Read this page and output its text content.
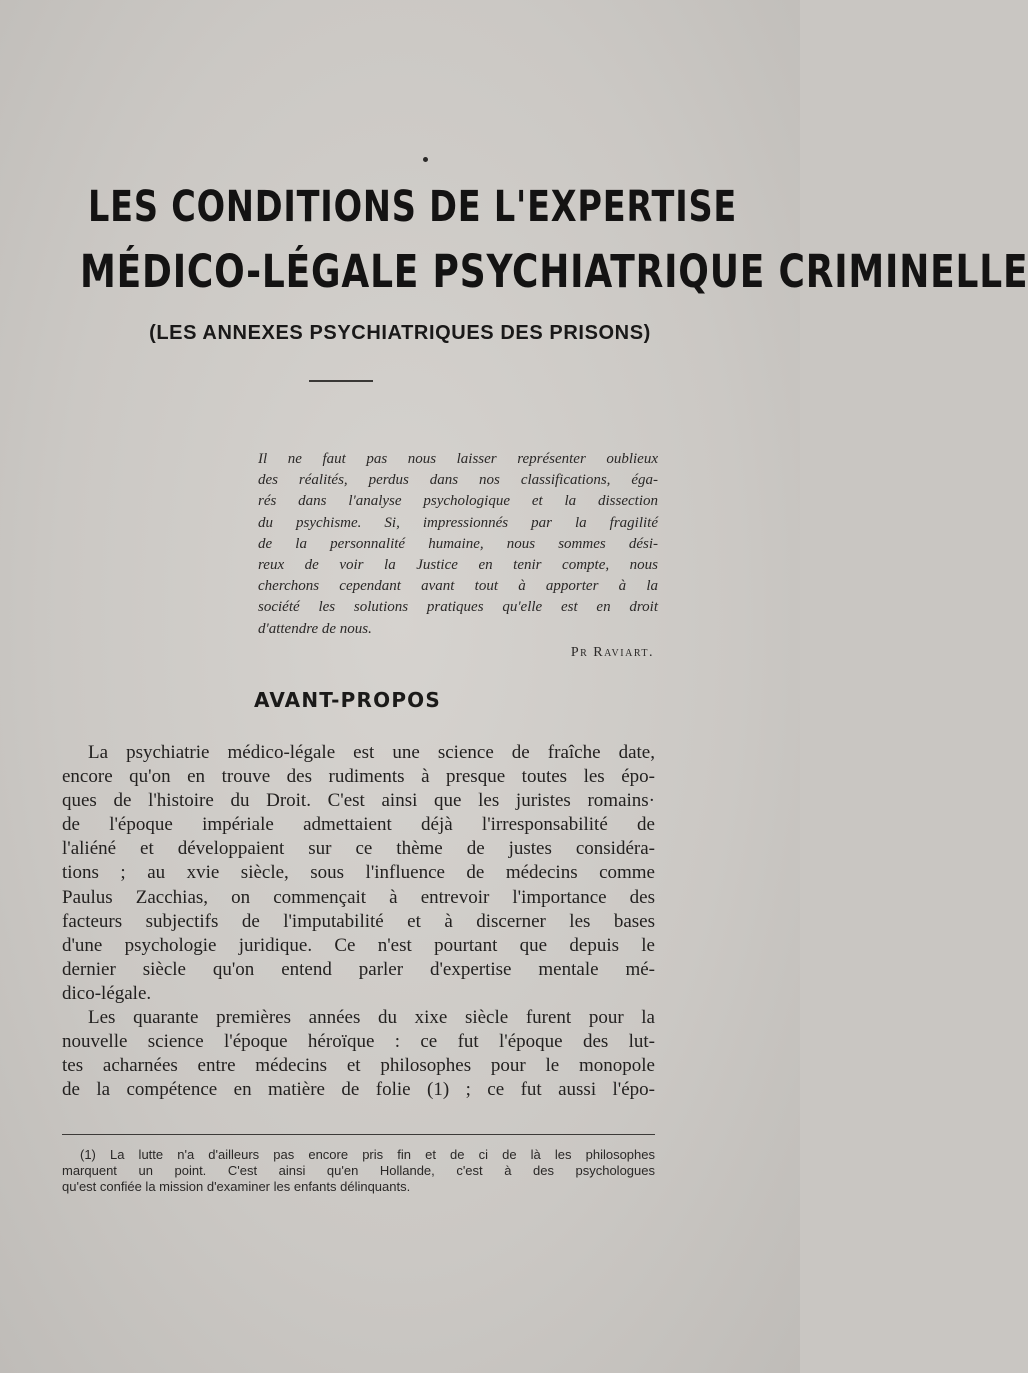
LES CONDITIONS DE L'EXPERTISE
MÉDICO-LÉGALE PSYCHIATRIQUE CRIMINELLE
(LES ANNEXES PSYCHIATRIQUES DES PRISONS)
Il ne faut pas nous laisser représenter oublieux
des réalités, perdus dans nos classifications, éga-
rés dans l'analyse psychologique et la dissection
du psychisme. Si, impressionnés par la fragilité
de la personnalité humaine, nous sommes dési-
reux de voir la Justice en tenir compte, nous
cherchons cependant avant tout à apporter à la
société les solutions pratiques qu'elle est en droit
d'attendre de nous.
Pr Raviart.
AVANT-PROPOS
La psychiatrie médico-légale est une science de fraîche date,
encore qu'on en trouve des rudiments à presque toutes les épo-
ques de l'histoire du Droit. C'est ainsi que les juristes romains·
de l'époque impériale admettaient déjà l'irresponsabilité de
l'aliéné et développaient sur ce thème de justes considéra-
tions ; au xvie siècle, sous l'influence de médecins comme
Paulus Zacchias, on commençait à entrevoir l'importance des
facteurs subjectifs de l'imputabilité et à discerner les bases
d'une psychologie juridique. Ce n'est pourtant que depuis le
dernier siècle qu'on entend parler d'expertise mentale mé-
dico-légale.
Les quarante premières années du xixe siècle furent pour la
nouvelle science l'époque héroïque : ce fut l'époque des lut-
tes acharnées entre médecins et philosophes pour le monopole
de la compétence en matière de folie (1) ; ce fut aussi l'épo-
(1) La lutte n'a d'ailleurs pas encore pris fin et de ci de là les philosophes
marquent un point. C'est ainsi qu'en Hollande, c'est à des psychologues
qu'est confiée la mission d'examiner les enfants délinquants.
